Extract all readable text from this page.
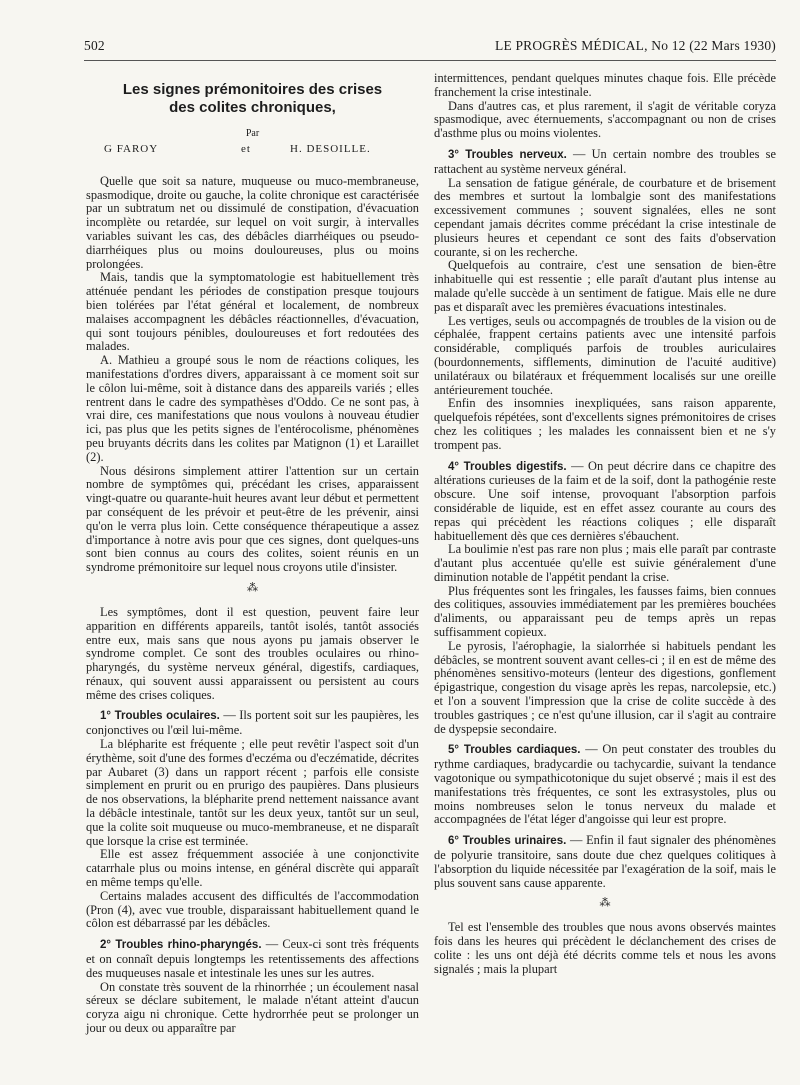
502	LE PROGRÈS MÉDICAL, No 12 (22 Mars 1930)
Les signes prémonitoires des crises
des colites chroniques,
Par
G FAROY	et	H. DESOILLE.

Quelle que soit sa nature, muqueuse ou muco-membraneuse, spasmodique, droite ou gauche, la colite chronique est caractérisée par un subtratum net ou dissimulé de constipation, d'évacuation incomplète ou retardée, sur lequel on voit surgir, à intervalles variables suivant les cas, des débâcles diarrhéiques ou pseudo-diarrhéiques plus ou moins douloureuses, plus ou moins prolongées.

Mais, tandis que la symptomatologie est habituellement très atténuée pendant les périodes de constipation presque toujours bien tolérées par l'état général et localement, de nombreux malaises accompagnent les débâcles réactionnelles, d'évacuation, qui sont toujours pénibles, douloureuses et fort redoutées des malades.

A. Mathieu a groupé sous le nom de réactions coliques, les manifestations d'ordres divers, apparaissant à ce moment soit sur le côlon lui-même, soit à distance dans des appareils variés ; elles rentrent dans le cadre des sympathèses d'Oddo. Ce ne sont pas, à vrai dire, ces manifestations que nous voulons à nouveau étudier ici, pas plus que les petits signes de l'entérocolisme, phénomènes peu bruyants décrits dans les colites par Matignon (1) et Laraillet (2).

Nous désirons simplement attirer l'attention sur un certain nombre de symptômes qui, précédant les crises, apparaissent vingt-quatre ou quarante-huit heures avant leur début et permettent par conséquent de les prévoir et peut-être de les prévenir, ainsi qu'on le verra plus loin. Cette conséquence thérapeutique a assez d'importance à notre avis pour que ces signes, dont quelques-uns sont bien connus au cours des colites, soient réunis en un syndrome prémonitoire sur lequel nous croyons utile d'insister.

⁂

Les symptômes, dont il est question, peuvent faire leur apparition en différents appareils, tantôt isolés, tantôt associés entre eux, mais sans que nous ayons pu jamais observer le syndrome complet. Ce sont des troubles oculaires ou rhino-pharyngés, du système nerveux général, digestifs, cardiaques, rénaux, qui souvent aussi apparaissent ou persistent au cours même des crises coliques.

1° Troubles oculaires. — Ils portent soit sur les paupières, les conjonctives ou l'œil lui-même.

La blépharite est fréquente ; elle peut revêtir l'aspect soit d'un érythème, soit d'une des formes d'eczéma ou d'eczématide, décrites par Aubaret (3) dans un rapport récent ; parfois elle consiste simplement en prurit ou en prurigo des paupières. Dans plusieurs de nos observations, la blépharite prend nettement naissance avant la débâcle intestinale, tantôt sur les deux yeux, tantôt sur un seul, que la colite soit muqueuse ou muco-membraneuse, et ne disparaît que lorsque la crise est terminée.

Elle est assez fréquemment associée à une conjonctivite catarrhale plus ou moins intense, en général discrète qui apparaît en même temps qu'elle.

Certains malades accusent des difficultés de l'accommodation (Pron (4), avec vue trouble, disparaissant habituellement quand le côlon est débarrassé par les débâcles.

2° Troubles rhino-pharyngés. — Ceux-ci sont très fréquents et on connaît depuis longtemps les retentissements des affections des muqueuses nasale et intestinale les unes sur les autres.

On constate très souvent de la rhinorrhée ; un écoulement nasal séreux se déclare subitement, le malade n'étant atteint d'aucun coryza aigu ni chronique. Cette hydrorrhée peut se prolonger un jour ou deux ou apparaître par

intermittences, pendant quelques minutes chaque fois. Elle précède franchement la crise intestinale.

Dans d'autres cas, et plus rarement, il s'agit de véritable coryza spasmodique, avec éternuements, s'accompagnant ou non de crises d'asthme plus ou moins violentes.

3° Troubles nerveux. — Un certain nombre des troubles se rattachent au système nerveux général.

La sensation de fatigue générale, de courbature et de brisement des membres et surtout la lombalgie sont des manifestations excessivement communes ; souvent signalées, elles ne sont cependant jamais décrites comme précédant la crise intestinale de plusieurs heures et cependant ce sont des faits d'observation courante, si on les recherche.

Quelquefois au contraire, c'est une sensation de bien-être inhabituelle qui est ressentie ; elle paraît d'autant plus intense au malade qu'elle succède à un sentiment de fatigue. Mais elle ne dure pas et disparaît avec les premières évacuations intestinales.

Les vertiges, seuls ou accompagnés de troubles de la vision ou de céphalée, frappent certains patients avec une intensité parfois considérable, compliqués parfois de troubles auriculaires (bourdonnements, sifflements, diminution de l'acuité auditive) unilatéraux ou bilatéraux et fréquemment localisés sur une oreille antérieurement touchée.

Enfin des insomnies inexpliquées, sans raison apparente, quelquefois répétées, sont d'excellents signes prémonitoires de crises chez les colitiques ; les malades les connaissent bien et ne s'y trompent pas.

4° Troubles digestifs. — On peut décrire dans ce chapitre des altérations curieuses de la faim et de la soif, dont la pathogénie reste obscure. Une soif intense, provoquant l'absorption parfois considérable de liquide, est en effet assez courante au cours des repas qui précèdent les réactions coliques ; elle disparaît habituellement dès que ces dernières s'ébauchent.

La boulimie n'est pas rare non plus ; mais elle paraît par contraste d'autant plus accentuée qu'elle est suivie généralement d'une diminution notable de l'appétit pendant la crise.

Plus fréquentes sont les fringales, les fausses faims, bien connues des colitiques, assouvies immédiatement par les premières bouchées d'aliments, ou apparaissant peu de temps après un repas suffisamment copieux.

Le pyrosis, l'aérophagie, la sialorrhée si habituels pendant les débâcles, se montrent souvent avant celles-ci ; il en est de même des phénomènes sensitivo-moteurs (lenteur des digestions, gonflement épigastrique, congestion du visage après les repas, narcolepsie, etc.) et l'on a souvent l'impression que la crise de colite succède à des troubles gastriques ; ce n'est qu'une illusion, car il s'agit au contraire de dyspepsie secondaire.

5° Troubles cardiaques. — On peut constater des troubles du rythme cardiaques, bradycardie ou tachycardie, suivant la tendance vagotonique ou sympathicotonique du sujet observé ; mais il est des manifestations très fréquentes, ce sont les extrasystoles, plus ou moins nombreuses selon le tonus nerveux du malade et accompagnées de l'état léger d'angoisse qui leur est propre.

6° Troubles urinaires. — Enfin il faut signaler des phénomènes de polyurie transitoire, sans doute due chez quelques colitiques à l'absorption du liquide nécessitée par l'exagération de la soif, mais le plus souvent sans cause apparente.

⁂

Tel est l'ensemble des troubles que nous avons observés maintes fois dans les heures qui précèdent le déclanchement des crises de colite : les uns ont déjà été décrits comme tels et nous les avons signalés ; mais la plupart
